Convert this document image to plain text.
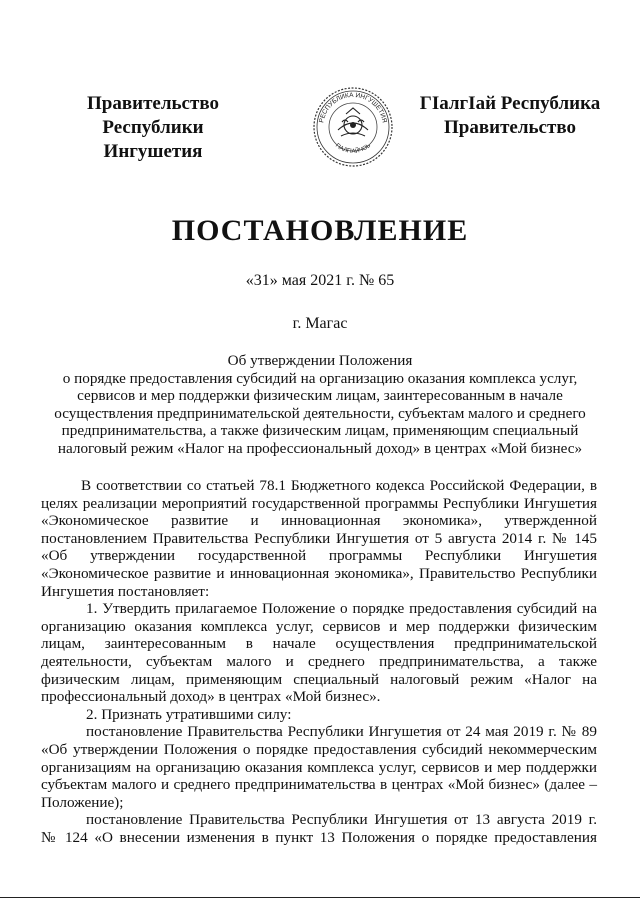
Правительство Республики
Ингушетия
РЕСПУБЛИКА ИНГУШЕТИЯ
ГIАЛГIАЙЧОЬ
ГIалгIай Республика
Правительство
ПОСТАНОВЛЕНИЕ
«31» мая 2021 г. № 65
г. Магас
Об утверждении Положения
о порядке предоставления субсидий на организацию оказания комплекса услуг,
сервисов и мер поддержки физическим лицам, заинтересованным в начале
осуществления предпринимательской деятельности, субъектам малого и среднего
предпринимательства, а также физическим лицам, применяющим специальный
налоговый режим «Налог на профессиональный доход» в центрах «Мой бизнес»
В соответствии со статьей 78.1 Бюджетного кодекса Российской Федерации, в
целях реализации мероприятий государственной программы Республики Ингушетия
«Экономическое развитие и инновационная экономика», утвержденной
постановлением Правительства Республики Ингушетия от 5 августа 2014 г. № 145
«Об утверждении государственной программы Республики Ингушетия
«Экономическое развитие и инновационная экономика», Правительство Республики
Ингушетия постановляет:
1. Утвердить прилагаемое Положение о порядке предоставления субсидий на
организацию оказания комплекса услуг, сервисов и мер поддержки физическим
лицам, заинтересованным в начале осуществления предпринимательской
деятельности, субъектам малого и среднего предпринимательства, а также
физическим лицам, применяющим специальный налоговый режим «Налог на
профессиональный доход» в центрах «Мой бизнес».
2. Признать утратившими силу:
постановление Правительства Республики Ингушетия от 24 мая 2019 г. № 89
«Об утверждении Положения о порядке предоставления субсидий некоммерческим
организациям на организацию оказания комплекса услуг, сервисов и мер поддержки
субъектам малого и среднего предпринимательства в центрах «Мой бизнес» (далее –
Положение);
постановление Правительства Республики Ингушетия от 13 августа 2019 г.
№ 124 «О внесении изменения в пункт 13 Положения о порядке предоставления
